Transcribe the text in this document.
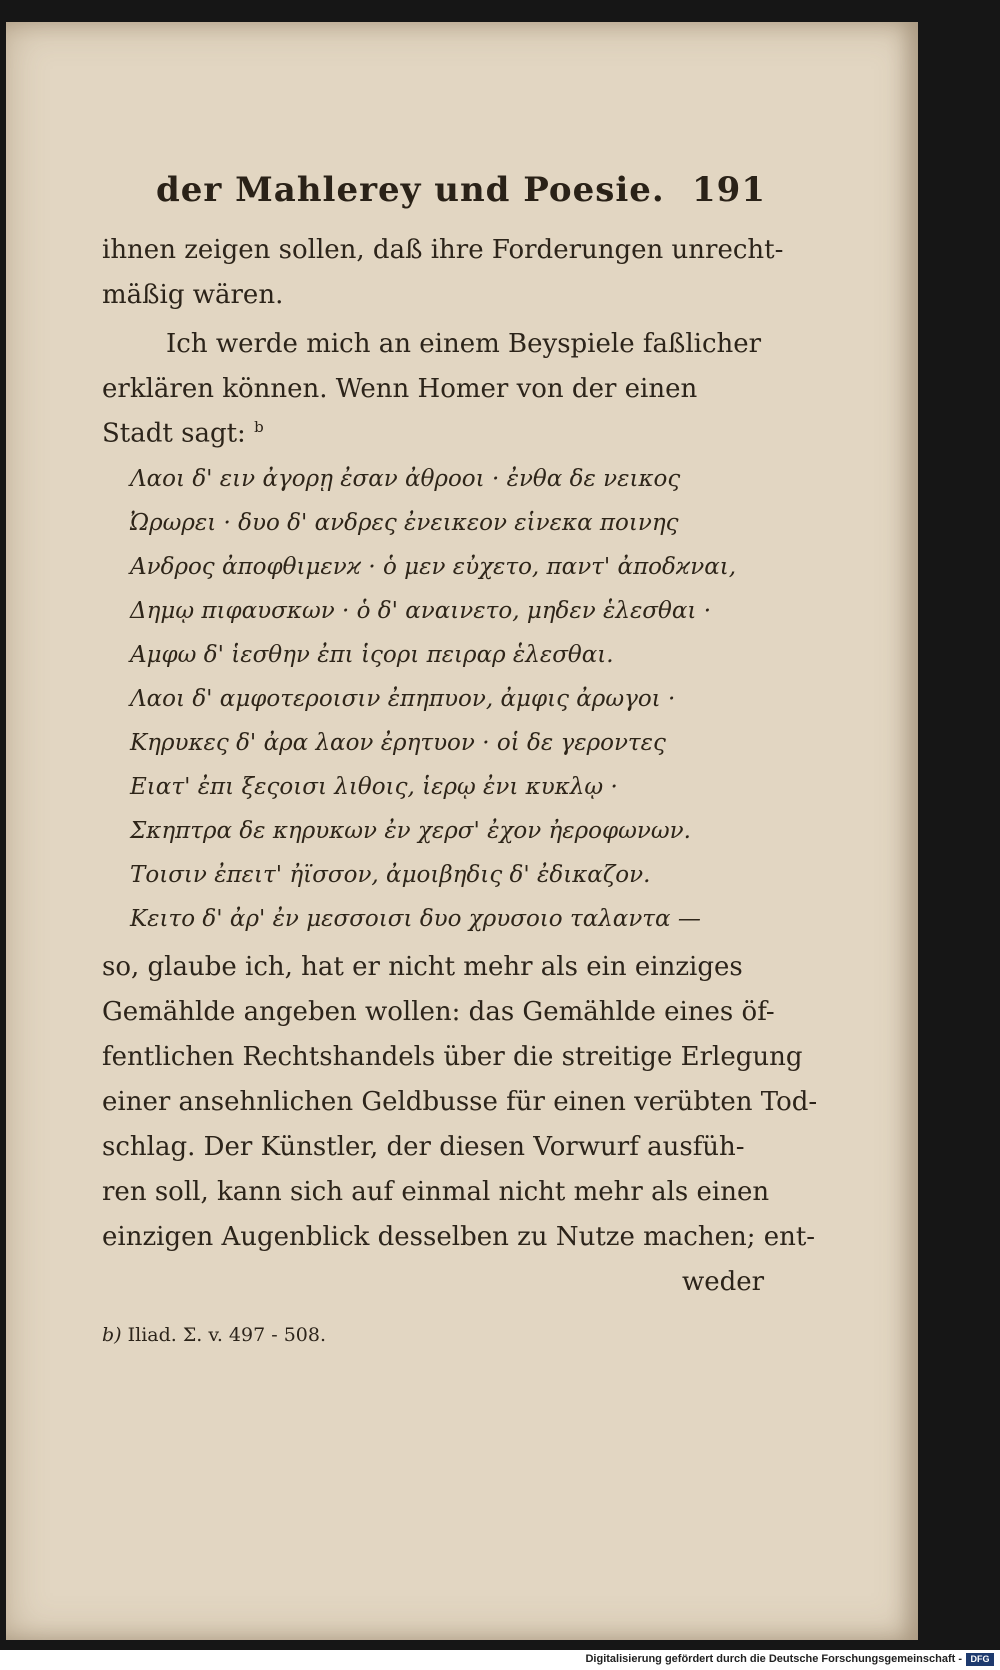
der Mahlerey und Poesie. 191
ihnen zeigen sollen, daß ihre Forderungen unrecht-
mäßig wären.
Ich werde mich an einem Beyspiele faßlicher
erklären können. Wenn Homer von der einen
Stadt sagt: $^b$
Λαοι δ' ειν ἀγορῃ ἐσαν ἀθροοι · ἐνθα δε νεικος
Ὠρωρει · δυο δ' ανδρες ἐνεικεον εἱνεκα ποινης
Ανδρος ἀποφθιμενϰ · ὁ μεν εὐχετο, παντ' ἀποδϰναι,
Δημῳ πιφαυσκων · ὁ δ' αναινετο, μηδεν ἑλεσθαι ·
Αμφω δ' ἱεσθην ἐπι ἱςορι πειραρ ἑλεσθαι.
Λαοι δ' αμφοτεροισιν ἐπηπυον, ἀμφις ἀρωγοι ·
Κηρυκες δ' ἀρα λαον ἐρητυον · οἱ δε γεροντες
Ειατ' ἐπι ξεςοισι λιθοις, ἱερῳ ἐνι κυκλῳ ·
Σκηπτρα δε κηρυκων ἐν χερσ' ἐχον ἠεροφωνων.
Τοισιν ἐπειτ' ἠϊσσον, ἀμοιβηδις δ' ἐδικαζον.
Κειτο δ' ἀρ' ἐν μεσσοισι δυο χρυσοιο ταλαντα —
so, glaube ich, hat er nicht mehr als ein einziges
Gemählde angeben wollen: das Gemählde eines öf-
fentlichen Rechtshandels über die streitige Erlegung
einer ansehnlichen Geldbusse für einen verübten Tod-
schlag. Der Künstler, der diesen Vorwurf ausfüh-
ren soll, kann sich auf einmal nicht mehr als einen
einzigen Augenblick desselben zu Nutze machen; ent-
weder
b) Iliad. Σ. v. 497 - 508.
Digitalisierung gefördert durch die Deutsche Forschungsgemeinschaft - DFG
